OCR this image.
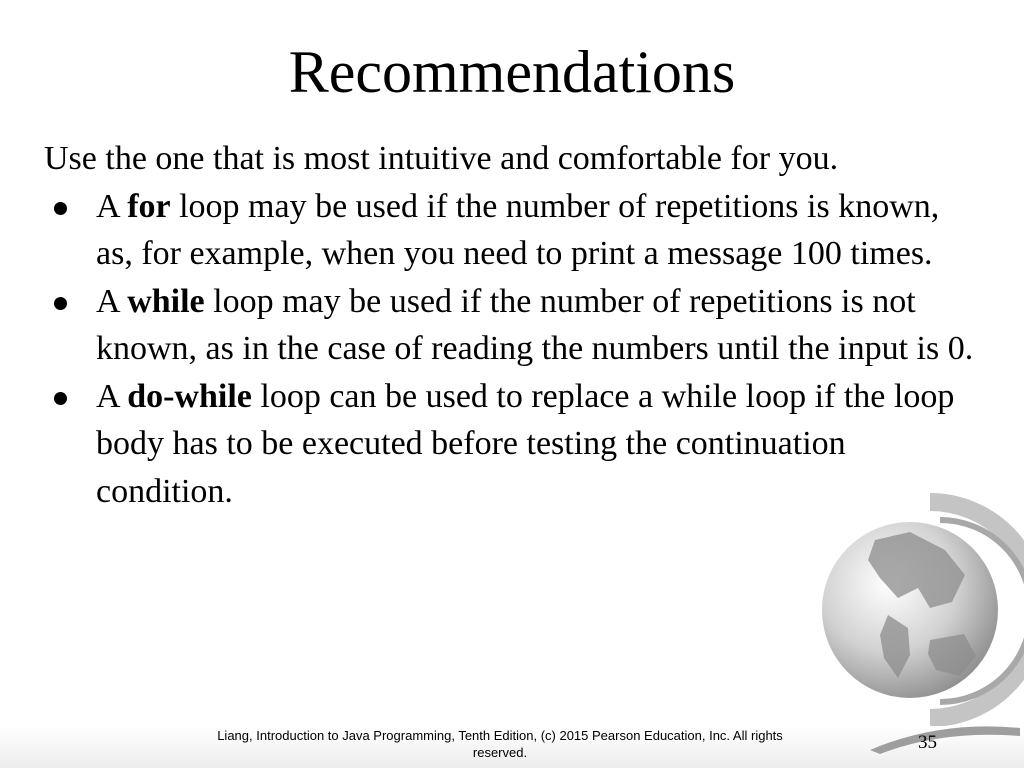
Recommendations

Use the one that is most intuitive and comfortable for you.

A for loop may be used if the number of repetitions is known, as, for example, when you need to print a message 100 times.
A while loop may be used if the number of repetitions is not known, as in the case of reading the numbers until the input is 0.
A do-while loop can be used to replace a while loop if the loop body has to be executed before testing the continuation condition.
Liang, Introduction to Java Programming, Tenth Edition, (c) 2015 Pearson Education, Inc. All rights reserved.	35
